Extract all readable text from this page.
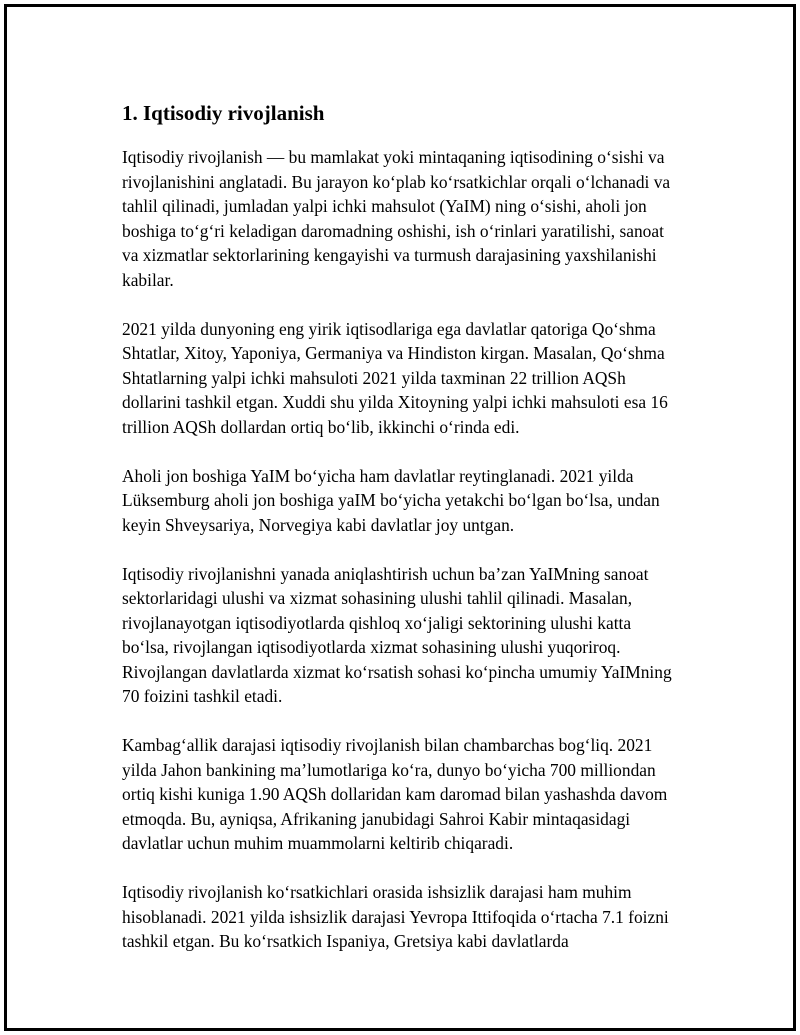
1. Iqtisodiy rivojlanish

Iqtisodiy rivojlanish — bu mamlakat yoki mintaqaning iqtisodining o‘sishi va rivojlanishini anglatadi. Bu jarayon ko‘plab ko‘rsatkichlar orqali o‘lchanadi va tahlil qilinadi, jumladan yalpi ichki mahsulot (YaIM) ning o‘sishi, aholi jon boshiga to‘g‘ri keladigan daromadning oshishi, ish o‘rinlari yaratilishi, sanoat va xizmatlar sektorlarining kengayishi va turmush darajasining yaxshilanishi kabilar.

2021 yilda dunyoning eng yirik iqtisodlariga ega davlatlar qatoriga Qo‘shma Shtatlar, Xitoy, Yaponiya, Germaniya va Hindiston kirgan. Masalan, Qo‘shma Shtatlarning yalpi ichki mahsuloti 2021 yilda taxminan 22 trillion AQSh dollarini tashkil etgan. Xuddi shu yilda Xitoyning yalpi ichki mahsuloti esa 16 trillion AQSh dollardan ortiq bo‘lib, ikkinchi o‘rinda edi.

Aholi jon boshiga YaIM bo‘yicha ham davlatlar reytinglanadi. 2021 yilda Lüksemburg aholi jon boshiga yaIM bo‘yicha yetakchi bo‘lgan bo‘lsa, undan keyin Shveysariya, Norvegiya kabi davlatlar joy untgan.

Iqtisodiy rivojlanishni yanada aniqlashtirish uchun ba’zan YaIMning sanoat sektorlaridagi ulushi va xizmat sohasining ulushi tahlil qilinadi. Masalan, rivojlanayotgan iqtisodiyotlarda qishloq xo‘jaligi sektorining ulushi katta bo‘lsa, rivojlangan iqtisodiyotlarda xizmat sohasining ulushi yuqoriroq. Rivojlangan davlatlarda xizmat ko‘rsatish sohasi ko‘pincha umumiy YaIMning 70 foizini tashkil etadi.

Kambag‘allik darajasi iqtisodiy rivojlanish bilan chambarchas bog‘liq. 2021 yilda Jahon bankining ma’lumotlariga ko‘ra, dunyo bo‘yicha 700 milliondan ortiq kishi kuniga 1.90 AQSh dollaridan kam daromad bilan yashashda davom etmoqda. Bu, ayniqsa, Afrikaning janubidagi Sahroi Kabir mintaqasidagi davlatlar uchun muhim muammolarni keltirib chiqaradi.

Iqtisodiy rivojlanish ko‘rsatkichlari orasida ishsizlik darajasi ham muhim hisoblanadi. 2021 yilda ishsizlik darajasi Yevropa Ittifoqida o‘rtacha 7.1 foizni tashkil etgan. Bu ko‘rsatkich Ispaniya, Gretsiya kabi davlatlarda
